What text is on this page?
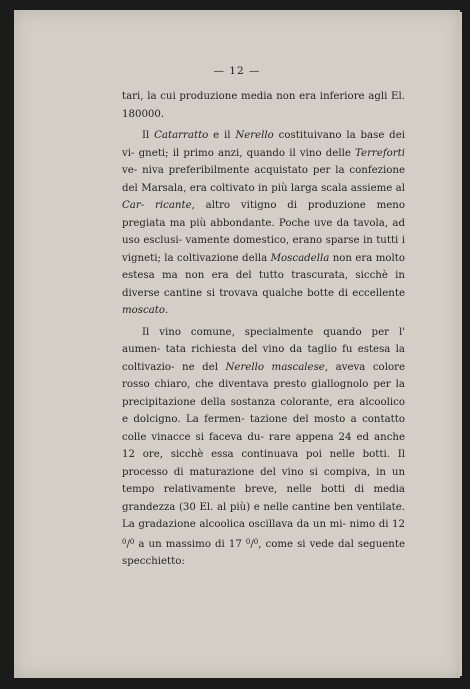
— 12 —

tari, la cui produzione media non era inferiore agli El. 180000.

Il Catarratto e il Nerello costituivano la base dei vi- gneti; il primo anzi, quando il vino delle Terreforti ve- niva preferibilmente acquistato per la confezione del Marsala, era coltivato in più larga scala assieme al Car- ricante, altro vitigno di produzione meno pregiata ma più abbondante. Poche uve da tavola, ad uso esclusi- vamente domestico, erano sparse in tutti i vigneti; la coltivazione della Moscadella non era molto estesa ma non era del tutto trascurata, sicchè in diverse cantine si trovava qualche botte di eccellente moscato.

Il vino comune, specialmente quando per l' aumen- tata richiesta del vino da taglio fu estesa la coltivazio- ne del Nerello mascalese, aveva colore rosso chiaro, che diventava presto giallognolo per la precipitazione della sostanza colorante, era alcoolico e dolcigno. La fermen- tazione del mosto a contatto colle vinacce si faceva du- rare appena 24 ed anche 12 ore, sicchè essa continuava poi nelle botti. Il processo di maturazione del vino si compiva, in un tempo relativamente breve, nelle botti di media grandezza (30 El. al più) e nelle cantine ben ventilate. La gradazione alcoolica oscillava da un mi- nimo di 12 $^0$/$^0$ a un massimo di 17 $^0$/$^0$, come si vede dal seguente specchietto:
